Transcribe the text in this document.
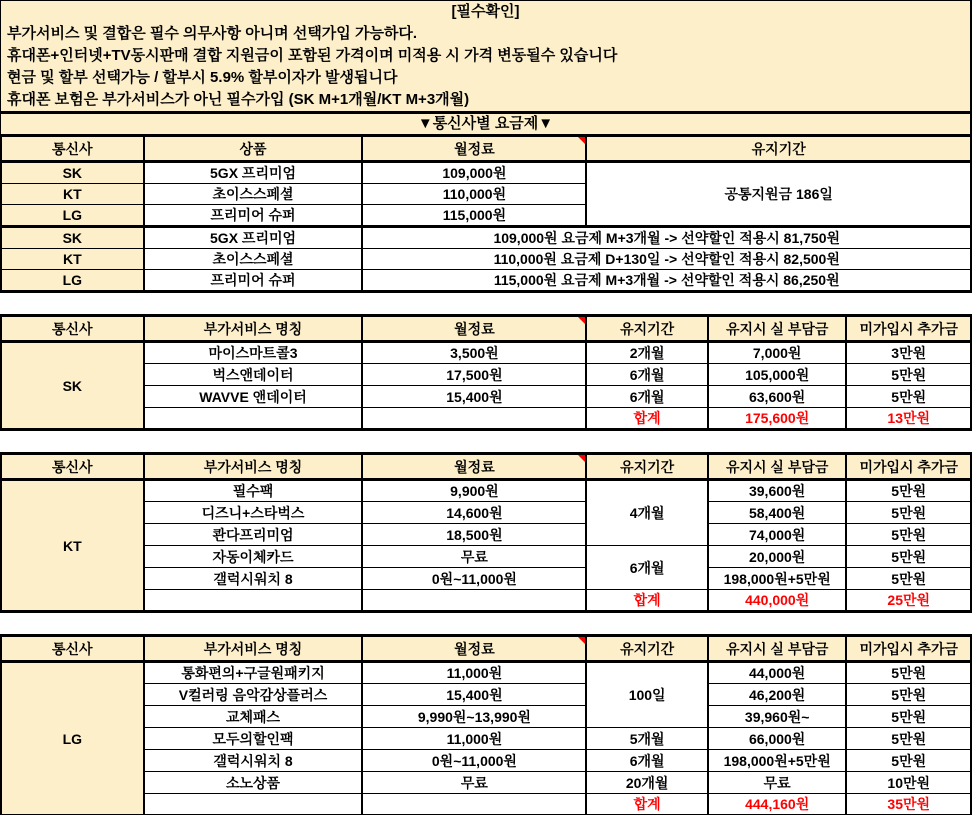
[필수확인]
부가서비스 및 결합은 필수 의무사항 아니며 선택가입 가능하다.
휴대폰+인터넷+TV동시판매 결합 지원금이 포함된 가격이며 미적용 시 가격 변동될수 있습니다
현금 및 할부 선택가능 / 할부시 5.9% 할부이자가 발생됩니다
휴대폰 보험은 부가서비스가 아닌 필수가입 (SK M+1개월/KT M+3개월)
▼통신사별 요금제▼
통신사	상품	월정료	유지기간
SK	5GX 프리미엄	109,000원	공통지원금 186일
KT	초이스스페셜	110,000원	
LG	프리미어 슈퍼	115,000원	
SK	5GX 프리미엄	109,000원 요금제 M+3개월 -> 선약할인 적용시 81,750원	
KT	초이스스페셜	110,000원 요금제 D+130일 -> 선약할인 적용시 82,500원	
LG	프리미어 슈퍼	115,000원 요금제 M+3개월 -> 선약할인 적용시 86,250원	
통신사	부가서비스 명칭	월정료	유지기간	유지시 실 부담금	미가입시 추가금
SK	마이스마트콜3	3,500원	2개월	7,000원	3만원
	벅스앤데이터	17,500원	6개월	105,000원	5만원
	WAVVE 앤데이터	15,400원	6개월	63,600원	5만원
			합계	175,600원	13만원
통신사	부가서비스 명칭	월정료	유지기간	유지시 실 부담금	미가입시 추가금
KT	필수팩	9,900원	4개월	39,600원	5만원
	디즈니+스타벅스	14,600원		58,400원	5만원
	콴다프리미엄	18,500원		74,000원	5만원
	자동이체카드	무료	6개월	20,000원	5만원
	갤럭시워치 8	0원~11,000원		198,000원+5만원	5만원
			합계	440,000원	25만원
통신사	부가서비스 명칭	월정료	유지기간	유지시 실 부담금	미가입시 추가금
LG	통화편의+구글원패키지	11,000원	100일	44,000원	5만원
	V컬러링 음악감상플러스	15,400원		46,200원	5만원
	교체패스	9,990원~13,990원		39,960원~	5만원
	모두의할인팩	11,000원	5개월	66,000원	5만원
	갤럭시워치 8	0원~11,000원	6개월	198,000원+5만원	5만원
	소노상품	무료	20개월	무료	10만원
			합계	444,160원	35만원
